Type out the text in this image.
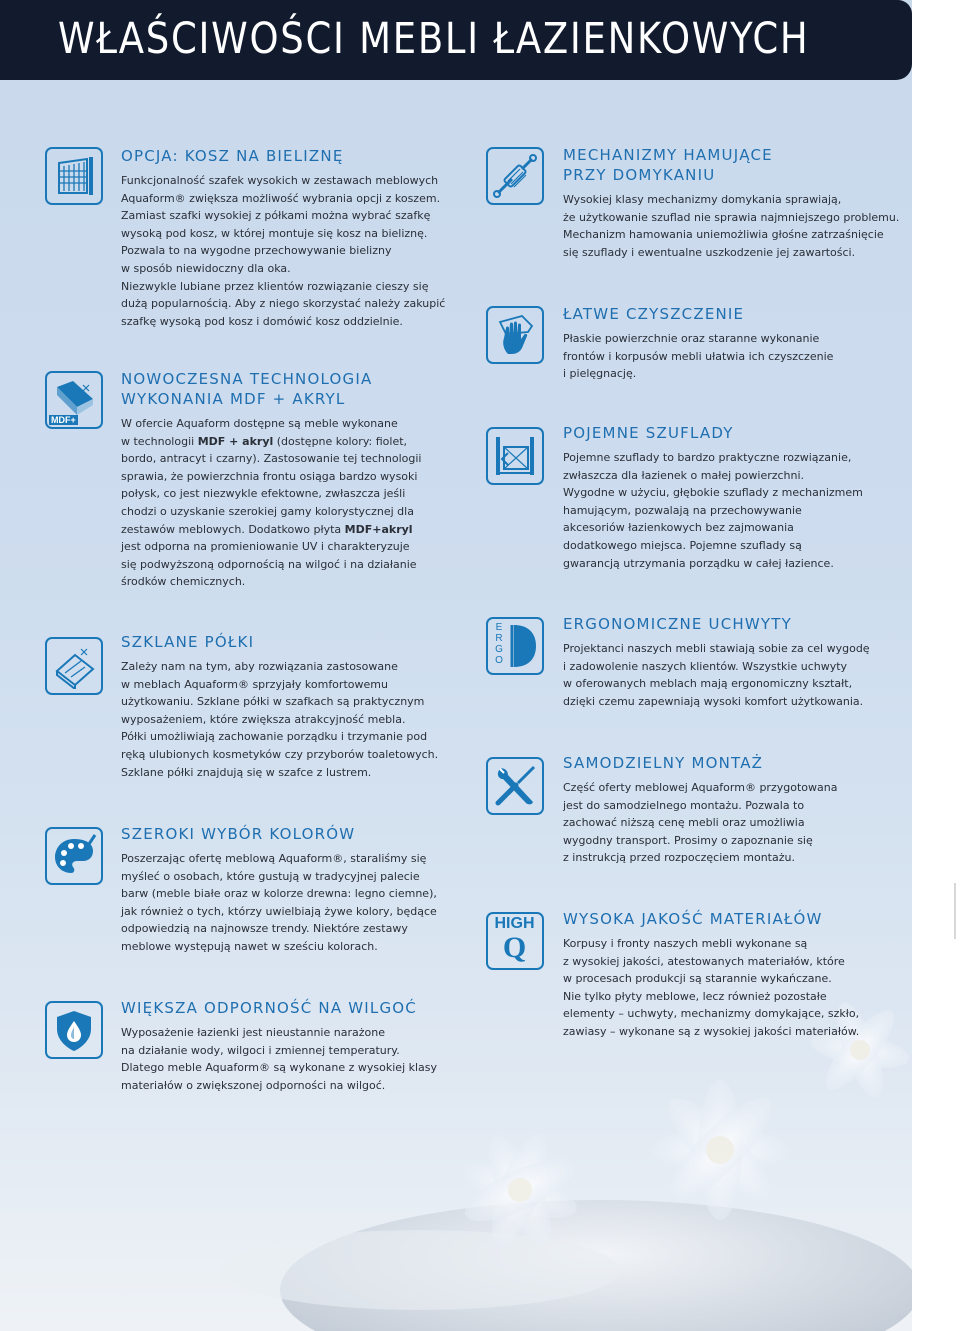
WŁAŚCIWOŚCI MEBLI ŁAZIENKOWYCH
OPCJA: KOSZ NA BIELIZNĘ

Funkcjonalność szafek wysokich w zestawach meblowych
Aquaform® zwiększa możliwość wybrania opcji z koszem.
Zamiast szafki wysokiej z półkami można wybrać szafkę
wysoką pod kosz, w której montuje się kosz na bieliznę.
Pozwala to na wygodne przechowywanie bielizny
w sposób niewidoczny dla oka.
Niezwykle lubiane przez klientów rozwiązanie cieszy się
dużą popularnością. Aby z niego skorzystać należy zakupić
szafkę wysoką pod kosz i domówić kosz oddzielnie.

MDF+
NOWOCZESNA TECHNOLOGIA
WYKONANIA MDF + AKRYL

W ofercie Aquaform dostępne są meble wykonane
w technologii MDF + akryl (dostępne kolory: fiolet,
bordo, antracyt i czarny). Zastosowanie tej technologii
sprawia, że powierzchnia frontu osiąga bardzo wysoki
połysk, co jest niezwykle efektowne, zwłaszcza jeśli
chodzi o uzyskanie szerokiej gamy kolorystycznej dla
zestawów meblowych. Dodatkowo płyta MDF+akryl
jest odporna na promieniowanie UV i charakteryzuje
się podwyższoną odpornością na wilgoć i na działanie
środków chemicznych.

SZKLANE PÓŁKI

Zależy nam na tym, aby rozwiązania zastosowane
w meblach Aquaform® sprzyjały komfortowemu
użytkowaniu. Szklane półki w szafkach są praktycznym
wyposażeniem, które zwiększa atrakcyjność mebla.
Półki umożliwiają zachowanie porządku i trzymanie pod
ręką ulubionych kosmetyków czy przyborów toaletowych.
Szklane półki znajdują się w szafce z lustrem.

SZEROKI WYBÓR KOLORÓW

Poszerzając ofertę meblową Aquaform®, staraliśmy się
myśleć o osobach, które gustują w tradycyjnej palecie
barw (meble białe oraz w kolorze drewna: legno ciemne),
jak również o tych, którzy uwielbiają żywe kolory, będące
odpowiedzią na najnowsze trendy. Niektóre zestawy
meblowe występują nawet w sześciu kolorach.

WIĘKSZA ODPORNOŚĆ NA WILGOĆ

Wyposażenie łazienki jest nieustannie narażone
na działanie wody, wilgoci i zmiennej temperatury.
Dlatego meble Aquaform® są wykonane z wysokiej klasy
materiałów o zwiększonej odporności na wilgoć.

MECHANIZMY HAMUJĄCE
PRZY DOMYKANIU

Wysokiej klasy mechanizmy domykania sprawiają,
że użytkowanie szuflad nie sprawia najmniejszego problemu.
Mechanizm hamowania uniemożliwia głośne zatrzaśnięcie
się szuflady i ewentualne uszkodzenie jej zawartości.

ŁATWE CZYSZCZENIE

Płaskie powierzchnie oraz staranne wykonanie
frontów i korpusów mebli ułatwia ich czyszczenie
i pielęgnację.

POJEMNE SZUFLADY

Pojemne szuflady to bardzo praktyczne rozwiązanie,
zwłaszcza dla łazienek o małej powierzchni.
Wygodne w użyciu, głębokie szuflady z mechanizmem
hamującym, pozwalają na przechowywanie
akcesoriów łazienkowych bez zajmowania
dodatkowego miejsca. Pojemne szuflady są
gwarancją utrzymania porządku w całej łazience.

E
R
G
O
ERGONOMICZNE UCHWYTY

Projektanci naszych mebli stawiają sobie za cel wygodę
i zadowolenie naszych klientów. Wszystkie uchwyty
w oferowanych meblach mają ergonomiczny kształt,
dzięki czemu zapewniają wysoki komfort użytkowania.

SAMODZIELNY MONTAŻ

Część oferty meblowej Aquaform® przygotowana
jest do samodzielnego montażu. Pozwala to
zachować niższą cenę mebli oraz umożliwia
wygodny transport. Prosimy o zapoznanie się
z instrukcją przed rozpoczęciem montażu.

HIGH
Q
WYSOKA JAKOŚĆ MATERIAŁÓW

Korpusy i fronty naszych mebli wykonane są
z wysokiej jakości, atestowanych materiałów, które
w procesach produkcji są starannie wykańczane.
Nie tylko płyty meblowe, lecz również pozostałe
elementy – uchwyty, mechanizmy domykające, szkło,
zawiasy – wykonane są z wysokiej jakości materiałów.
